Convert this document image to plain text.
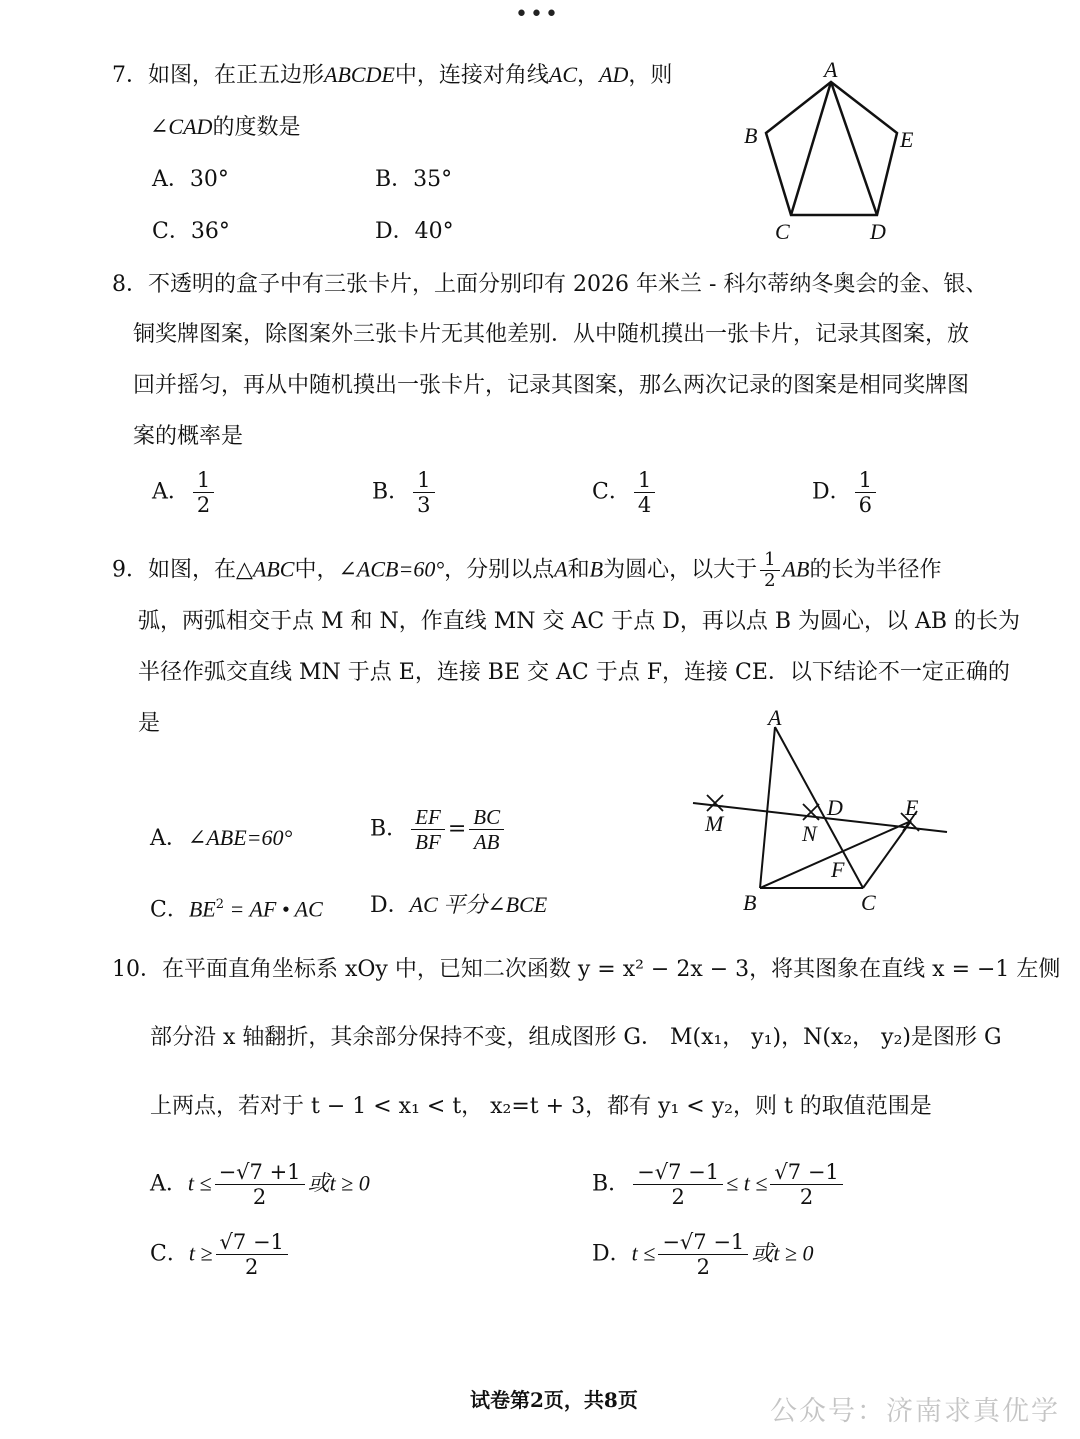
•••
7．如图，在正五边形ABCDE中，连接对角线AC，AD，则
∠CAD的度数是
A．30°	B．35°
C．36°	D．40°
A
B
C	D
E
8．不透明的盒子中有三张卡片，上面分别印有 2026 年米兰 - 科尔蒂纳冬奥会的金、银、
铜奖牌图案，除图案外三张卡片无其他差别．从中随机摸出一张卡片，记录其图案，放
回并摇匀，再从中随机摸出一张卡片，记录其图案，那么两次记录的图案是相同奖牌图
案的概率是
A． $\frac{1}{2}$	B． $\frac{1}{3}$	C． $\frac{1}{4}$	D． $\frac{1}{6}$
9．如图，在△ABC中，∠ACB=60°，分别以点A和B为圆心，以大于 $\frac{1}{2}$ AB的长为半径作
弧，两弧相交于点 M 和 N，作直线 MN 交 AC 于点 D，再以点 B 为圆心，以 AB 的长为
半径作弧交直线 MN 于点 E，连接 BE 交 AC 于点 F，连接 CE．以下结论不一定正确的
是
A．∠ABE=60°	B． $\frac{EF}{BF} = \frac{BC}{AB}$
C．$BE^2$ = AF • AC D．AC 平分∠BCE
A
B	C
D	E
F
M	N
10．在平面直角坐标系 xOy 中，已知二次函数 y = x² − 2x − 3，将其图象在直线 x = −1 左侧
部分沿 x 轴翻折，其余部分保持不变，组成图形 G． M(x₁， y₁)，N(x₂， y₂)是图形 G
上两点，若对于 t − 1 < x₁ < t， x₂=t + 3，都有 y₁ < y₂，则 t 的取值范围是
A．$t \le \frac{-√7 +1}{2}$ 或t ≥ 0	B． $\frac{-√7 -1}{2} \le t \le \frac{√7 -1}{2}$
C．$t \ge \frac{√7 -1}{2}$	D．$t \le \frac{-√7 -1}{2}$ 或t ≥ 0
试卷第2页，共8页	公众号：济南求真优学
